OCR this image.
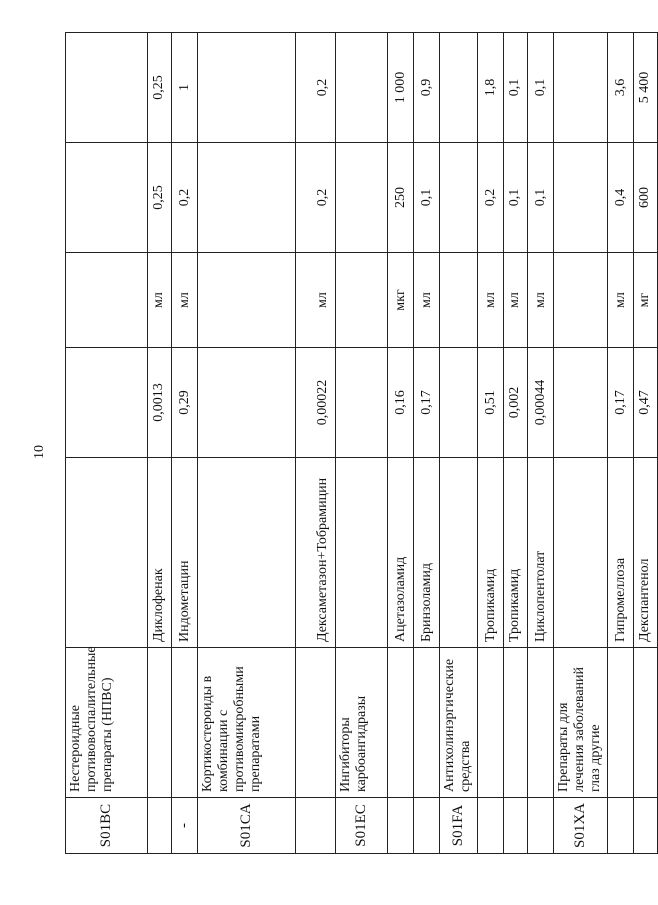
10
S01BC	Нестероидные противовоспалительные препараты (НПВС)					
		Диклофенак	0,0013	мл	0,25	0,25
-		Индометацин	0,29	мл	0,2	1
S01CA	Кортикостероиды в комбинации с противомикробными препаратами					
		Дексаметазон+Тобрамицин	0,00022	мл	0,2	0,2
S01EC	Ингибиторы карбоангидразы					
		Ацетазоламид	0,16	мкг	250	1 000
		Бринзоламид	0,17	мл	0,1	0,9
S01FA	Антихолинэргические средства					
		Тропикамид	0,51	мл	0,2	1,8
		Тропикамид	0,002	мл	0,1	0,1
		Циклопентолат	0,00044	мл	0,1	0,1
S01XA	Препараты для лечения заболеваний глаз другие					
		Гипромеллоза	0,17	мл	0,4	3,6
		Декспантенол	0,47	мг	600	5 400
